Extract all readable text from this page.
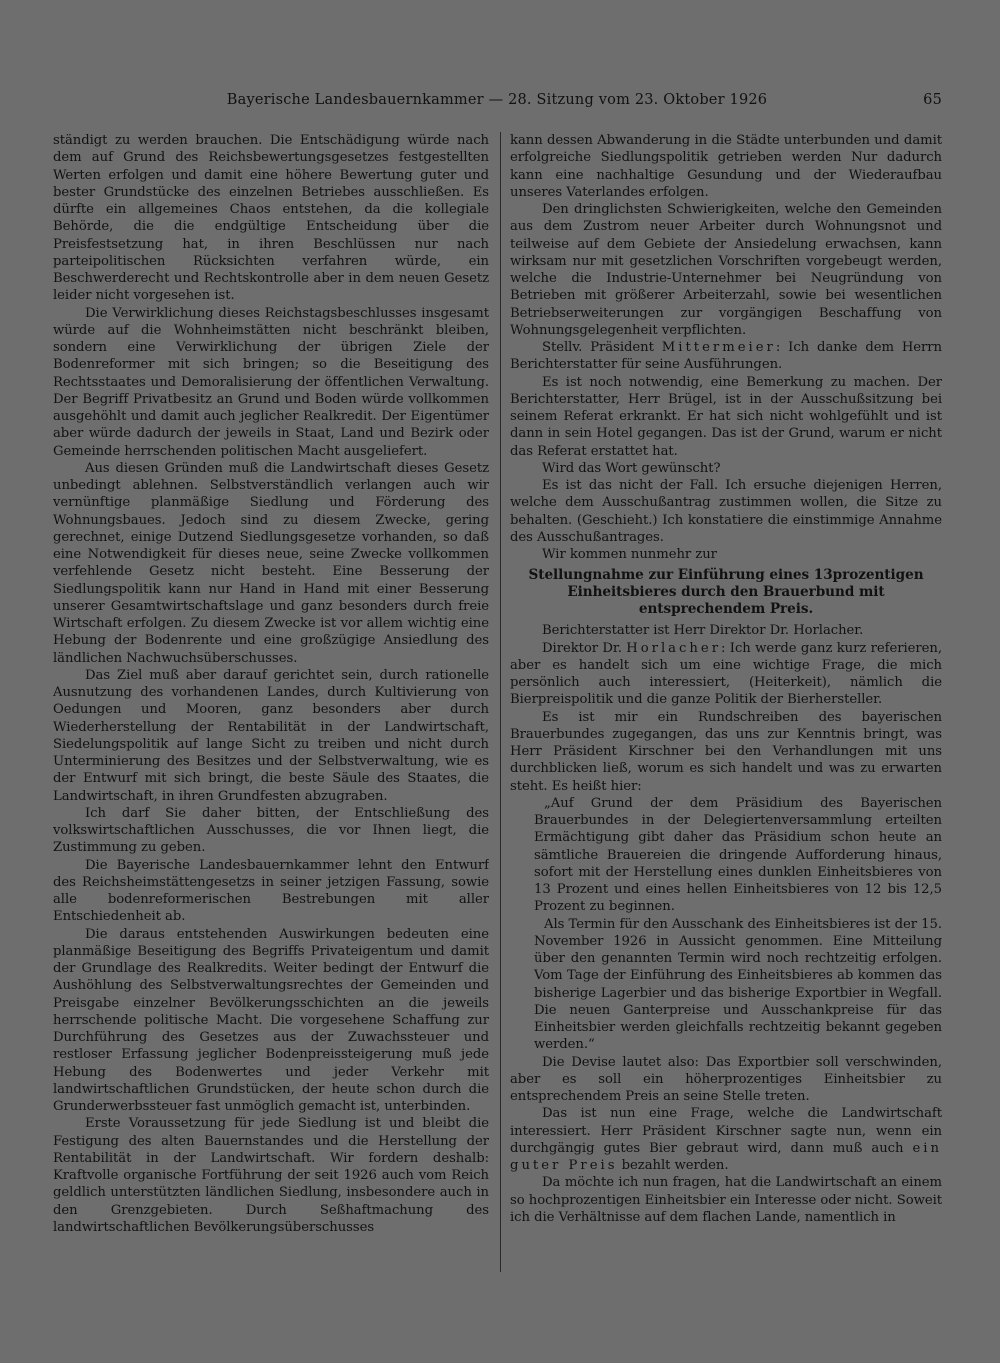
Bayerische Landesbauernkammer — 28. Sitzung vom 23. Oktober 1926	65

ständigt zu werden brauchen. Die Entschädigung würde nach dem auf Grund des Reichsbewertungsgesetzes festgestellten Werten erfolgen und damit eine höhere Bewertung guter und bester Grundstücke des einzelnen Betriebes ausschließen. Es dürfte ein allgemeines Chaos entstehen, da die kollegiale Behörde, die die endgültige Entscheidung über die Preisfestsetzung hat, in ihren Beschlüssen nur nach parteipolitischen Rücksichten verfahren würde, ein Beschwerderecht und Rechtskontrolle aber in dem neuen Gesetz leider nicht vorgesehen ist.

Die Verwirklichung dieses Reichstagsbeschlusses insgesamt würde auf die Wohnheimstätten nicht beschränkt bleiben, sondern eine Verwirklichung der übrigen Ziele der Bodenreformer mit sich bringen; so die Beseitigung des Rechtsstaates und Demoralisierung der öffentlichen Verwaltung. Der Begriff Privatbesitz an Grund und Boden würde vollkommen ausgehöhlt und damit auch jeglicher Realkredit. Der Eigentümer aber würde dadurch der jeweils in Staat, Land und Bezirk oder Gemeinde herrschenden politischen Macht ausgeliefert.

Aus diesen Gründen muß die Landwirtschaft dieses Gesetz unbedingt ablehnen. Selbstverständlich verlangen auch wir vernünftige planmäßige Siedlung und Förderung des Wohnungsbaues. Jedoch sind zu diesem Zwecke, gering gerechnet, einige Dutzend Siedlungsgesetze vorhanden, so daß eine Notwendigkeit für dieses neue, seine Zwecke vollkommen verfehlende Gesetz nicht besteht. Eine Besserung der Siedlungspolitik kann nur Hand in Hand mit einer Besserung unserer Gesamtwirtschaftslage und ganz besonders durch freie Wirtschaft erfolgen. Zu diesem Zwecke ist vor allem wichtig eine Hebung der Bodenrente und eine großzügige Ansiedlung des ländlichen Nachwuchsüberschusses.

Das Ziel muß aber darauf gerichtet sein, durch rationelle Ausnutzung des vorhandenen Landes, durch Kultivierung von Oedungen und Mooren, ganz besonders aber durch Wiederherstellung der Rentabilität in der Landwirtschaft, Siedelungspolitik auf lange Sicht zu treiben und nicht durch Unterminierung des Besitzes und der Selbstverwaltung, wie es der Entwurf mit sich bringt, die beste Säule des Staates, die Landwirtschaft, in ihren Grundfesten abzugraben.

Ich darf Sie daher bitten, der Entschließung des volkswirtschaftlichen Ausschusses, die vor Ihnen liegt, die Zustimmung zu geben.

Die Bayerische Landesbauernkammer lehnt den Entwurf des Reichsheimstättengesetzs in seiner jetzigen Fassung, sowie alle bodenreformerischen Bestrebungen mit aller Entschiedenheit ab.

Die daraus entstehenden Auswirkungen bedeuten eine planmäßige Beseitigung des Begriffs Privateigentum und damit der Grundlage des Realkredits. Weiter bedingt der Entwurf die Aushöhlung des Selbstverwaltungsrechtes der Gemeinden und Preisgabe einzelner Bevölkerungsschichten an die jeweils herrschende politische Macht. Die vorgesehene Schaffung zur Durchführung des Gesetzes aus der Zuwachssteuer und restloser Erfassung jeglicher Bodenpreissteigerung muß jede Hebung des Bodenwertes und jeder Verkehr mit landwirtschaftlichen Grundstücken, der heute schon durch die Grunderwerbssteuer fast unmöglich gemacht ist, unterbinden.

Erste Voraussetzung für jede Siedlung ist und bleibt die Festigung des alten Bauernstandes und die Herstellung der Rentabilität in der Landwirtschaft. Wir fordern deshalb: Kraftvolle organische Fortführung der seit 1926 auch vom Reich geldlich unterstützten ländlichen Siedlung, insbesondere auch in den Grenzgebieten. Durch Seßhaftmachung des landwirtschaftlichen Bevölkerungsüberschusses

kann dessen Abwanderung in die Städte unterbunden und damit erfolgreiche Siedlungspolitik getrieben werden Nur dadurch kann eine nachhaltige Gesundung und der Wiederaufbau unseres Vaterlandes erfolgen.

Den dringlichsten Schwierigkeiten, welche den Gemeinden aus dem Zustrom neuer Arbeiter durch Wohnungsnot und teilweise auf dem Gebiete der Ansiedelung erwachsen, kann wirksam nur mit gesetzlichen Vorschriften vorgebeugt werden, welche die Industrie-Unternehmer bei Neugründung von Betrieben mit größerer Arbeiterzahl, sowie bei wesentlichen Betriebserweiterungen zur vorgängigen Beschaffung von Wohnungsgelegenheit verpflichten.

Stellv. Präsident Mittermeier: Ich danke dem Herrn Berichterstatter für seine Ausführungen.

Es ist noch notwendig, eine Bemerkung zu machen. Der Berichterstatter, Herr Brügel, ist in der Ausschußsitzung bei seinem Referat erkrankt. Er hat sich nicht wohlgefühlt und ist dann in sein Hotel gegangen. Das ist der Grund, warum er nicht das Referat erstattet hat.

Wird das Wort gewünscht?

Es ist das nicht der Fall. Ich ersuche diejenigen Herren, welche dem Ausschußantrag zustimmen wollen, die Sitze zu behalten. (Geschieht.) Ich konstatiere die einstimmige Annahme des Ausschußantrages.

Wir kommen nunmehr zur

Stellungnahme zur Einführung eines 13prozentigen Einheitsbieres durch den Brauerbund mit entsprechendem Preis.

Berichterstatter ist Herr Direktor Dr. Horlacher.

Direktor Dr. Horlacher: Ich werde ganz kurz referieren, aber es handelt sich um eine wichtige Frage, die mich persönlich auch interessiert, (Heiterkeit), nämlich die Bierpreispolitik und die ganze Politik der Bierhersteller.

Es ist mir ein Rundschreiben des bayerischen Brauerbundes zugegangen, das uns zur Kenntnis bringt, was Herr Präsident Kirschner bei den Verhandlungen mit uns durchblicken ließ, worum es sich handelt und was zu erwarten steht. Es heißt hier:

„Auf Grund der dem Präsidium des Bayerischen Brauerbundes in der Delegiertenversammlung erteilten Ermächtigung gibt daher das Präsidium schon heute an sämtliche Brauereien die dringende Aufforderung hinaus, sofort mit der Herstellung eines dunklen Einheitsbieres von 13 Prozent und eines hellen Einheitsbieres von 12 bis 12,5 Prozent zu beginnen.

Als Termin für den Ausschank des Einheitsbieres ist der 15. November 1926 in Aussicht genommen. Eine Mitteilung über den genannten Termin wird noch rechtzeitig erfolgen. Vom Tage der Einführung des Einheitsbieres ab kommen das bisherige Lagerbier und das bisherige Exportbier in Wegfall. Die neuen Ganterpreise und Ausschankpreise für das Einheitsbier werden gleichfalls rechtzeitig bekannt gegeben werden.“

Die Devise lautet also: Das Exportbier soll verschwinden, aber es soll ein höherprozentiges Einheitsbier zu entsprechendem Preis an seine Stelle treten.

Das ist nun eine Frage, welche die Landwirtschaft interessiert. Herr Präsident Kirschner sagte nun, wenn ein durchgängig gutes Bier gebraut wird, dann muß auch ein guter Preis bezahlt werden.

Da möchte ich nun fragen, hat die Landwirtschaft an einem so hochprozentigen Einheitsbier ein Interesse oder nicht. Soweit ich die Verhältnisse auf dem flachen Lande, namentlich in
